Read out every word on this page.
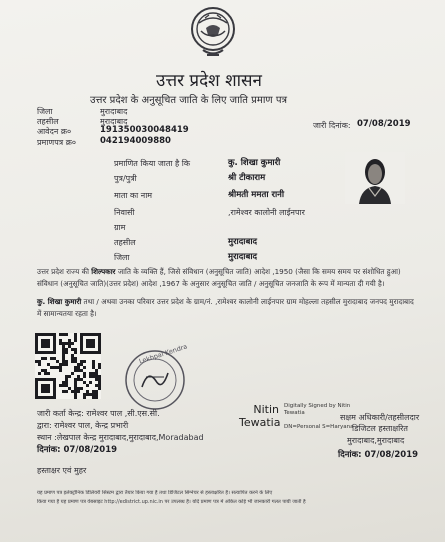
उत्तर प्रदेश शासन
उत्तर प्रदेश के अनुसूचित जाति के लिए जाति प्रमाण पत्र
जिला	मुरादाबाद
तहसील	मुरादाबाद
आवेदन क्र०	191350030048419
प्रमाणपत्र क्र०	042194009880
जारी दिनांक: 07/08/2019
प्रमाणित किया जाता है कि	कु. शिखा कुमारी
पुत्र/पुत्री	श्री टीकाराम
माता का नाम	श्रीमती ममता रानी
निवासी	,रामेश्वर कालोनी लाईनपार
ग्राम
तहसील	मुरादाबाद
जिला	मुरादाबाद
उत्तर प्रदेश राज्य की शिल्पकार जाति के व्यक्ति हैं, जिसे संविधान (अनुसूचित जाति) आदेश ,1950 (जैसा कि समय समय पर संशोधित हुआ) संविधान (अनुसूचित जाति)(उत्तर प्रदेश) आदेश ,1967 के अनुसार अनुसूचित जाति / अनुसूचित जनजाति के रूप में मान्यता दी गयी है।
कु. शिखा कुमारी तथा / अथवा उनका परिवार उत्तर प्रदेश के ग्राम/नं. ,रामेश्वर कालोनी लाईनपार ग्राम मोहल्ला तहसील मुरादाबाद जनपद मुरादाबाद में सामान्यतया रहता है।
Lekhpal Kendra
Nitin Tewatia
Digitally Signed by Nitin
Tewatia
DN=Personal S=Haryana
सक्षम अधिकारी/तहसीलदार
डिजिटल हस्ताक्षरित
मुरादाबाद,मुरादाबाद
दिनांक: 07/08/2019
जारी कर्ता केन्द्र: रामेश्वर पाल ,सी.एस.सी.
द्वारा: रामेश्वर पाल, केन्द्र प्रभारी
स्थान :लेखपाल केन्द्र मुरादाबाद,मुरादाबाद,Moradabad
दिनांक: 07/08/2019
हस्ताक्षर एवं मुहर
यह प्रमाण पत्र इलेक्ट्रॉनिक डिलिवरी सिस्टम द्वारा तैयार किया गया है तथा डिजिटल सिग्नेचर से हस्ताक्षरित है। सत्यापित करने के लिए
किया गया है यह प्रमाण पत्र वेबसाइट http://edistrict.up.nic.in पर उपलब्ध है। यदि प्रमाण पत्र में अंकित कोई भी जानकारी गलत पायी जाती है
